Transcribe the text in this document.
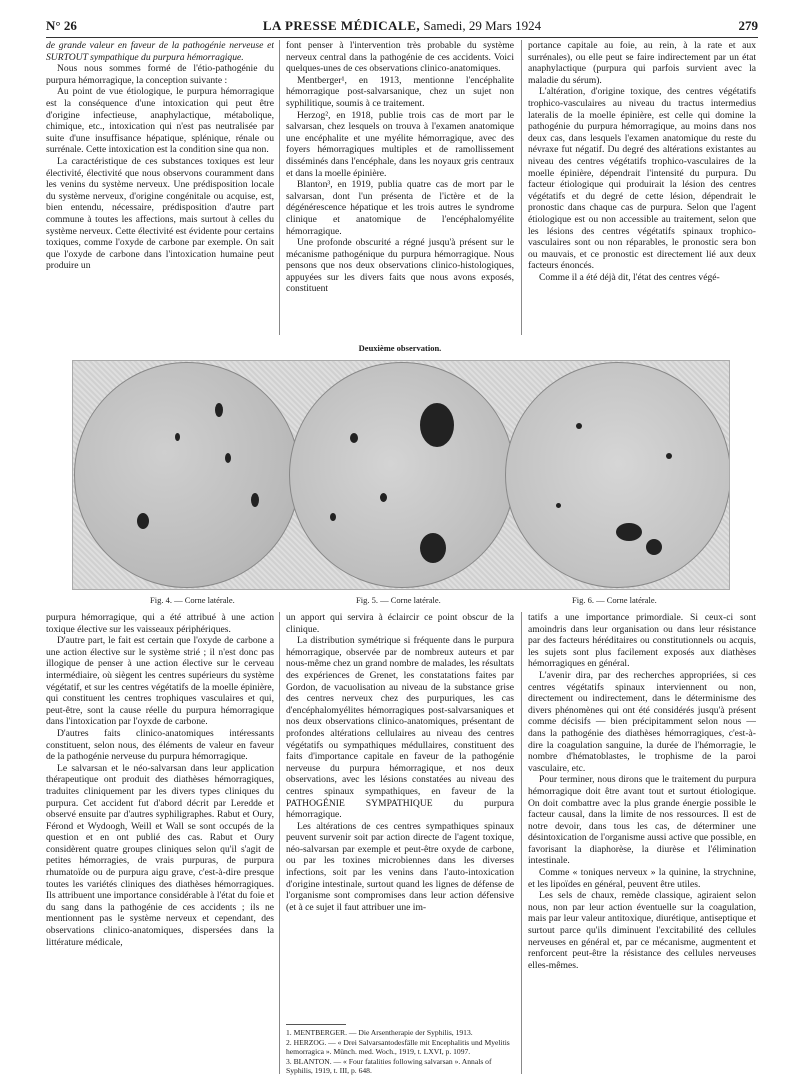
N° 26	LA PRESSE MÉDICALE, Samedi, 29 Mars 1924	279

de grande valeur en faveur de la pathogénie nerveuse et SURTOUT sympathique du purpura hémorragique.

Nous nous sommes formé de l'étio-pathogénie du purpura hémorragique, la conception suivante :

Au point de vue étiologique, le purpura hémorragique est la conséquence d'une intoxication qui peut être d'origine infectieuse, anaphylactique, métabolique, chimique, etc., intoxication qui n'est pas neutralisée par suite d'une insuffisance hépatique, splénique, rénale ou surrénale. Cette intoxication est la condition sine qua non.

La caractéristique de ces substances toxiques est leur électivité, électivité que nous observons couramment dans les venins du système nerveux. Une prédisposition locale du système nerveux, d'origine congénitale ou acquise, est, bien entendu, nécessaire, prédisposition d'autre part commune à toutes les affections, mais surtout à celles du système nerveux. Cette électivité est évidente pour certains toxiques, comme l'oxyde de carbone par exemple. On sait que l'oxyde de carbone dans l'intoxication humaine peut produire un

font penser à l'intervention très probable du système nerveux central dans la pathogénie de ces accidents. Voici quelques-unes de ces observations clinico-anatomiques.

Mentberger¹, en 1913, mentionne l'encéphalite hémorragique post-salvarsanique, chez un sujet non syphilitique, soumis à ce traitement.

Herzog², en 1918, publie trois cas de mort par le salvarsan, chez lesquels on trouva à l'examen anatomique une encéphalite et une myélite hémorragique, avec des foyers hémorragiques multiples et de ramollissement disséminés dans l'encéphale, dans les noyaux gris centraux et dans la moelle épinière.

Blanton³, en 1919, publia quatre cas de mort par le salvarsan, dont l'un présenta de l'ictère et de la dégénérescence hépatique et les trois autres le syndrome clinique et anatomique de l'encéphalomyélite hémorragique.

Une profonde obscurité a régné jusqu'à présent sur le mécanisme pathogénique du purpura hémorragique. Nous pensons que nos deux observations clinico-histologiques, appuyées sur les divers faits que nous avons exposés, constituent

portance capitale au foie, au rein, à la rate et aux surrénales), ou elle peut se faire indirectement par un état anaphylactique (purpura qui parfois survient avec la maladie du sérum).

L'altération, d'origine toxique, des centres végétatifs trophico-vasculaires au niveau du tractus intermedius lateralis de la moelle épinière, est celle qui domine la pathogénie du purpura hémorragique, au moins dans nos deux cas, dans lesquels l'examen anatomique du reste du névraxe fut négatif. Du degré des altérations existantes au niveau des centres végétatifs trophico-vasculaires de la moelle épinière, dépendrait l'intensité du purpura. Du facteur étiologique qui produirait la lésion des centres végétatifs et du degré de cette lésion, dépendrait le pronostic dans chaque cas de purpura. Selon que l'agent étiologique est ou non accessible au traitement, selon que les lésions des centres végétatifs spinaux trophico-vasculaires sont ou non réparables, le pronostic sera bon ou mauvais, et ce pronostic est directement lié aux deux facteurs énoncés.

Comme il a été déjà dit, l'état des centres végé-

Deuxième observation.
Fig. 4. — Corne latérale.	Fig. 5. — Corne latérale.	Fig. 6. — Corne latérale.

purpura hémorragique, qui a été attribué à une action toxique élective sur les vaisseaux périphériques.

D'autre part, le fait est certain que l'oxyde de carbone a une action élective sur le système strié ; il n'est donc pas illogique de penser à une action élective sur le cerveau intermédiaire, où siègent les centres supérieurs du système végétatif, et sur les centres végétatifs de la moelle épinière, qui constituent les centres trophiques vasculaires et qui, peut-être, sont la cause réelle du purpura hémorragique dans l'intoxication par l'oyxde de carbone.

D'autres faits clinico-anatomiques intéressants constituent, selon nous, des éléments de valeur en faveur de la pathogénie nerveuse du purpura hémorragique.

Le salvarsan et le néo-salvarsan dans leur application thérapeutique ont produit des diathèses hémorragiques, traduites cliniquement par les divers types cliniques du purpura. Cet accident fut d'abord décrit par Leredde et observé ensuite par d'autres syphiligraphes. Rabut et Oury, Férond et Wydoogh, Weill et Wall se sont occupés de la question et en ont publié des cas. Rabut et Oury considèrent quatre groupes cliniques selon qu'il s'agit de petites hémorragies, de vrais purpuras, de purpura rhumatoïde ou de purpura aigu grave, c'est-à-dire presque toutes les variétés cliniques des diathèses hémorragiques. Ils attribuent une importance considérable à l'état du foie et du sang dans la pathogénie de ces accidents ; ils ne mentionnent pas le système nerveux et cependant, des observations clinico-anatomiques, dispersées dans la littérature médicale,

un apport qui servira à éclaircir ce point obscur de la clinique.

La distribution symétrique si fréquente dans le purpura hémorragique, observée par de nombreux auteurs et par nous-même chez un grand nombre de malades, les résultats des expériences de Grenet, les constatations faites par Gordon, de vacuolisation au niveau de la substance grise des centres nerveux chez des purpuriques, les cas d'encéphalomyélites hémorragiques post-salvarsaniques et nos deux observations clinico-anatomiques, présentant de profondes altérations cellulaires au niveau des centres végétatifs ou sympathiques médullaires, constituent des faits d'importance capitale en faveur de la pathogénie nerveuse du purpura hémorragique, et nos deux observations, avec les lésions constatées au niveau des centres spinaux sympathiques, en faveur de la PATHOGÉNIE SYMPATHIQUE du purpura hémorragique.

Les altérations de ces centres sympathiques spinaux peuvent survenir soit par action directe de l'agent toxique, néo-salvarsan par exemple et peut-être oxyde de carbone, ou par les toxines microbiennes dans les diverses infections, soit par les venins dans l'auto-intoxication d'origine intestinale, surtout quand les lignes de défense de l'organisme sont compromises dans leur action défensive (et à ce sujet il faut attribuer une im-

tatifs a une importance primordiale. Si ceux-ci sont amoindris dans leur organisation ou dans leur résistance par des facteurs héréditaires ou constitutionnels ou acquis, les sujets sont plus facilement exposés aux diathèses hémorragiques en général.

L'avenir dira, par des recherches appropriées, si ces centres végétatifs spinaux interviennent ou non, directement ou indirectement, dans le déterminisme des divers phénomènes qui ont été considérés jusqu'à présent comme décisifs — bien précipitamment selon nous — dans la pathogénie des diathèses hémorragiques, c'est-à-dire la coagulation sanguine, la durée de l'hémorragie, le nombre d'hématoblastes, le trophisme de la paroi vasculaire, etc.

Pour terminer, nous dirons que le traitement du purpura hémorragique doit être avant tout et surtout étiologique. On doit combattre avec la plus grande énergie possible le facteur causal, dans la limite de nos ressources. Il est de notre devoir, dans tous les cas, de déterminer une désintoxication de l'organisme aussi active que possible, en favorisant la diaphorèse, la diurèse et l'élimination intestinale.

Comme « toniques nerveux » la quinine, la strychnine, et les lipoïdes en général, peuvent être utiles.

Les sels de chaux, remède classique, agiraient selon nous, non par leur action éventuelle sur la coagulation, mais par leur valeur antitoxique, diurétique, antiseptique et surtout parce qu'ils diminuent l'excitabilité des cellules nerveuses en général et, par ce mécanisme, augmentent et renforcent peut-être la résistance des cellules nerveuses elles-mêmes.

1. MENTBERGER. — Die Arsentherapie der Syphilis, 1913.

2. HERZOG. — « Drei Salvarsantodesfälle mit Encephalitis und Myelitis hemorragica ». Münch. med. Woch., 1919, t. LXVI, p. 1097.

3. BLANTON. — « Four fatalities following salvarsan ». Annals of Syphilis, 1919, t. III, p. 648.
